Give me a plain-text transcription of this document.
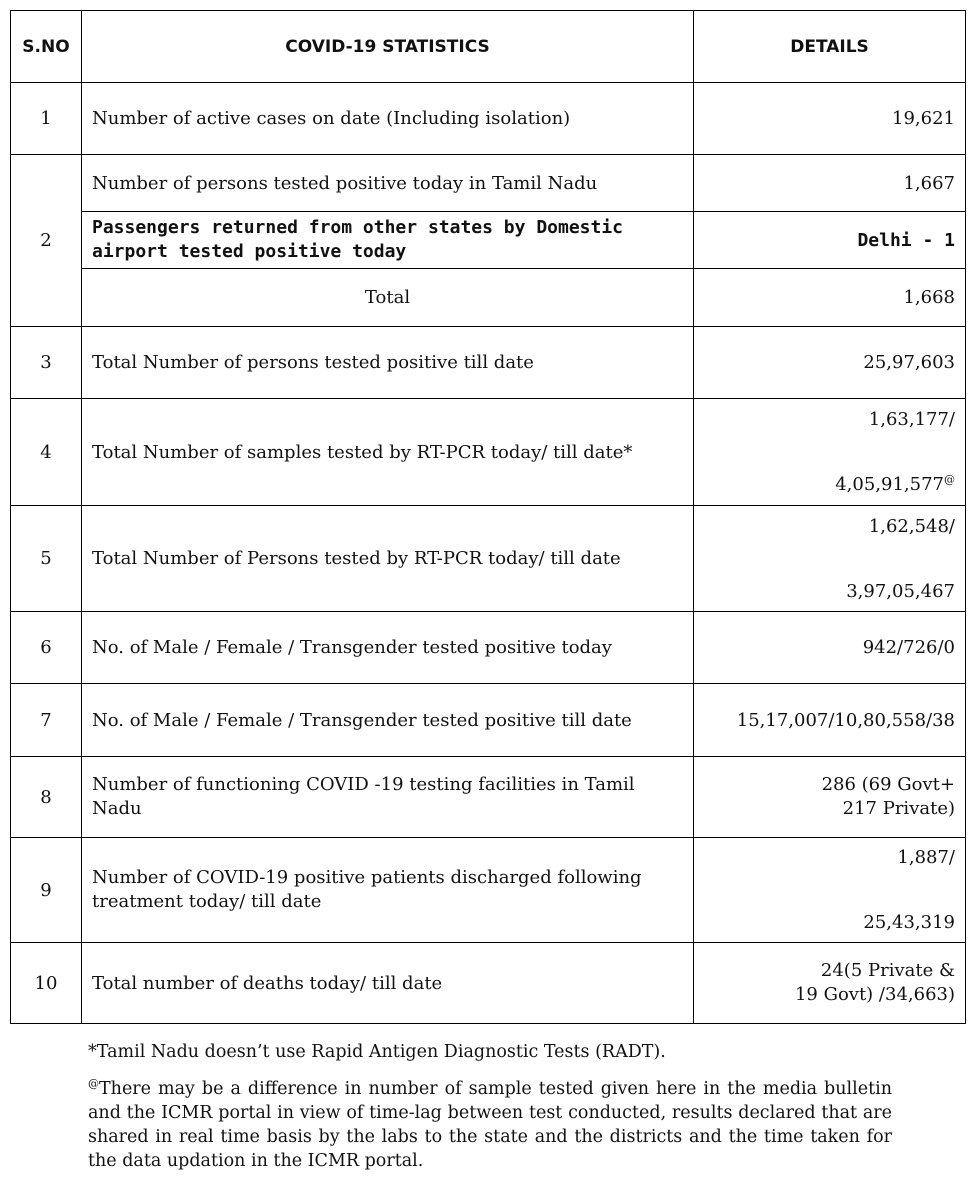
S.NO	COVID-19 STATISTICS	DETAILS
1	Number of active cases on date (Including isolation)	19,621
2	Number of persons tested positive today in Tamil Nadu	1,667
	Passengers returned from other states by Domestic airport tested positive today	Delhi - 1
	Total	1,668
3	Total Number of persons tested positive till date	25,97,603
4	Total Number of samples tested by RT-PCR today/ till date*	1,63,177/
4,05,91,577@

5	Total Number of Persons tested by RT-PCR today/ till date	1,62,548/
3,97,05,467

6	No. of Male / Female / Transgender tested positive today	942/726/0
7	No. of Male / Female / Transgender tested positive till date	15,17,007/10,80,558/38
8	Number of functioning COVID -19 testing facilities in Tamil Nadu	286 (69 Govt+
217 Private)

9	Number of COVID-19 positive patients discharged following treatment today/ till date	1,887/
25,43,319

10	Total number of deaths today/ till date	24(5 Private &
19 Govt) /34,663)

*Tamil Nadu doesn’t use Rapid Antigen Diagnostic Tests (RADT).

@There may be a difference in number of sample tested given here in the media bulletin and the ICMR portal in view of time-lag between test conducted, results declared that are shared in real time basis by the labs to the state and the districts and the time taken for the data updation in the ICMR portal.
